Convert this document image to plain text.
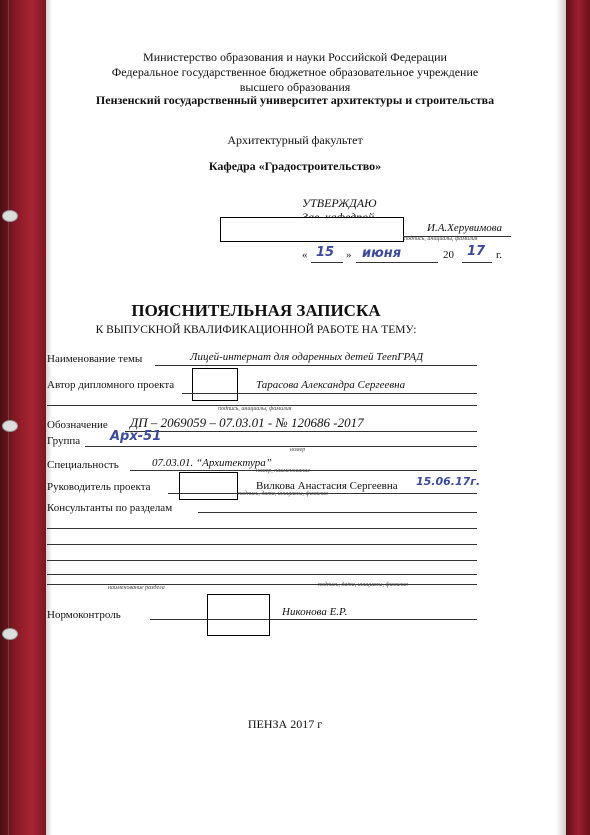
Министерство образования и науки Российской Федерации
Федеральное государственное бюджетное образовательное учреждение
высшего образования
Пензенский государственный университет архитектуры и строительства
Архитектурный факультет
Кафедра «Градостроительство»
УТВЕРЖДАЮ
И.А.Херувимова
подпись, инициалы, фамилия
« 15 » июня	20 17 г.
ПОЯСНИТЕЛЬНАЯ ЗАПИСКА
К ВЫПУСКНОЙ КВАЛИФИКАЦИОННОЙ РАБОТЕ НА ТЕМУ:
Наименование темы	Лицей-интернат для одаренных детей ТеепГРАД
Автор дипломного проекта	Тарасова Александра Сергеевна
подпись, инициалы, фамилия
Обозначение ДП – 2069059 – 07.03.01 - № 120686 -2017
Группа Арх-51
номер
Специальность	07.03.01. “Архитектура”
номер, наименование
Руководитель проекта	Вилкова Анастасия Сергеевна 15.06.17г.
подпись, дата, инициалы, фамилия
Консультанты по разделам
наименование раздела	подпись, дата, инициалы, фамилия
Нормоконтроль	Никонова Е.Р.
ПЕНЗА 2017 г
